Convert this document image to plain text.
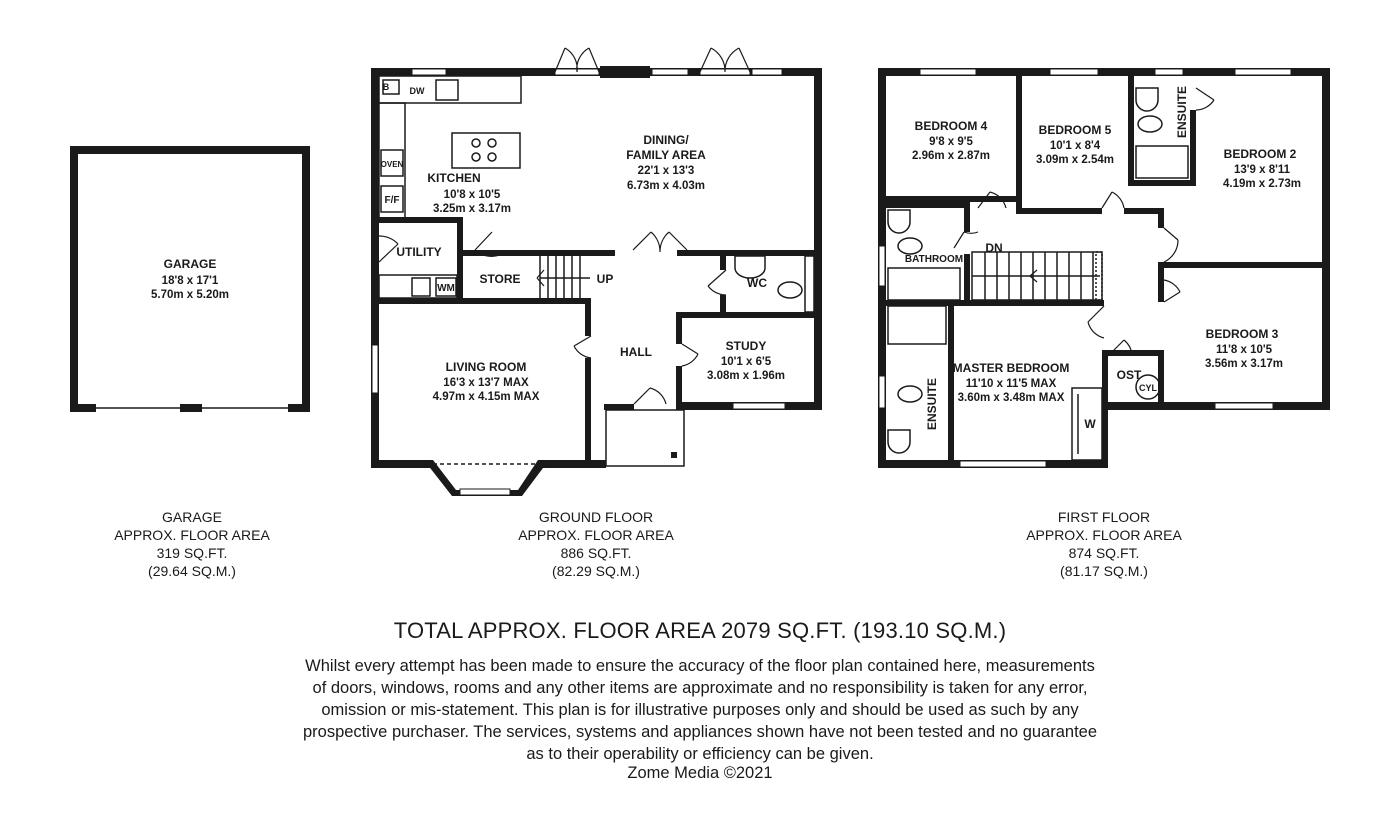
GARAGE
18'8 x 17'1
5.70m x 5.20m
B DW
OVEN
F/F
WM
KITCHEN
10'8 x 10'5
3.25m x 3.17m
DINING/
FAMILY AREA
22'1 x 13'3
6.73m x 4.03m
UTILITY
STORE	UP	WC
HALL
LIVING ROOM
16'3 x 13'7 MAX
4.97m x 4.15m MAX
STUDY
10'1 x 6'5
3.08m x 1.96m
BEDROOM 4
9'8 x 9'5
2.96m x 2.87m
BEDROOM 5
10'1 x 8'4
3.09m x 2.54m
ENSUITE
BEDROOM 2
13'9 x 8'11
4.19m x 2.73m
BATHROOM
DN
BEDROOM 3
11'8 x 10'5
3.56m x 3.17m
MASTER BEDROOM
11'10 x 11'5 MAX
3.60m x 3.48m MAX
ENSUITE
OST
CYL
W
GARAGE
APPROX. FLOOR AREA
319 SQ.FT.
(29.64 SQ.M.)
GROUND FLOOR
APPROX. FLOOR AREA
886 SQ.FT.
(82.29 SQ.M.)
FIRST FLOOR
APPROX. FLOOR AREA
874 SQ.FT.
(81.17 SQ.M.)
TOTAL APPROX. FLOOR AREA 2079 SQ.FT. (193.10 SQ.M.)
Whilst every attempt has been made to ensure the accuracy of the floor plan contained here, measurements
of doors, windows, rooms and any other items are approximate and no responsibility is taken for any error,
omission or mis-statement. This plan is for illustrative purposes only and should be used as such by any
prospective purchaser. The services, systems and appliances shown have not been tested and no guarantee
as to their operability or efficiency can be given.
Zome Media ©2021
